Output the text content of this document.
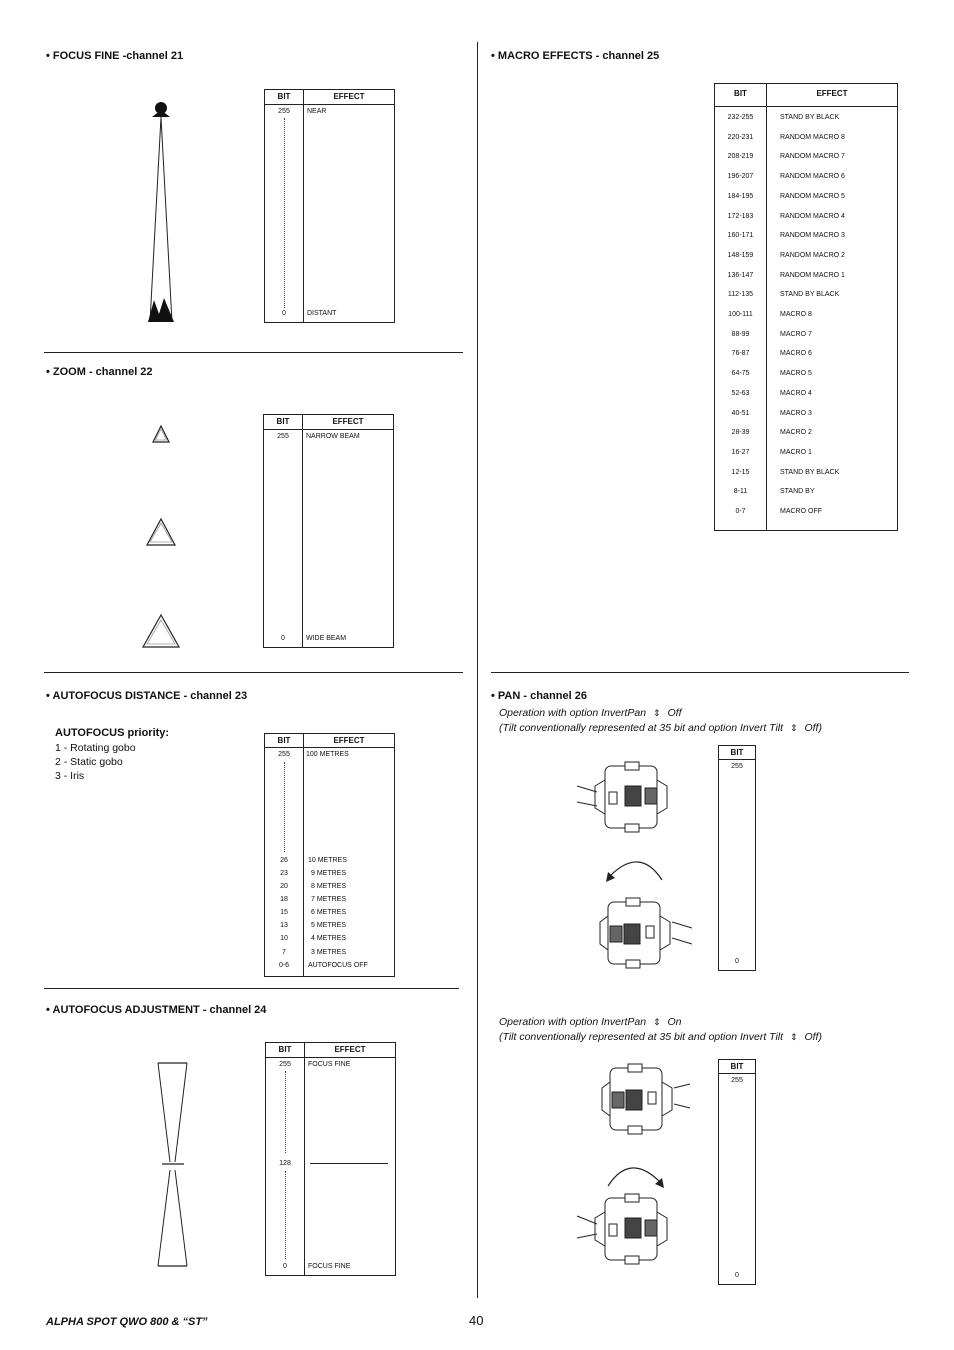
• FOCUS FINE -channel 21
BIT	EFFECT
255	NEAR
0	DISTANT
• ZOOM - channel 22
BIT	EFFECT
255	NARROW BEAM
0	WIDE BEAM
• AUTOFOCUS DISTANCE - channel 23
AUTOFOCUS priority:
1 - Rotating gobo
2 - Static gobo
3 - Iris
BIT	EFFECT
255	100 METRES
26	10 METRES
23	9 METRES
20	8 METRES
18	7 METRES
15	6 METRES
13	5 METRES
10	4 METRES
7	3 METRES
0-6	AUTOFOCUS OFF
• AUTOFOCUS ADJUSTMENT - channel 24
BIT	EFFECT
255	FOCUS FINE
128
0	FOCUS FINE
• MACRO EFFECTS - channel 25
BIT	EFFECT
232-255	STAND BY BLACK
220-231	RANDOM MACRO 8
208-219	RANDOM MACRO 7
196-207	RANDOM MACRO 6
184-195	RANDOM MACRO 5
172-183	RANDOM MACRO 4
160-171	RANDOM MACRO 3
148-159	RANDOM MACRO 2
136-147	RANDOM MACRO 1
112-135	STAND BY BLACK
100-111	MACRO 8
88-99	MACRO 7
76-87	MACRO 6
64-75	MACRO 5
52-63	MACRO 4
40-51	MACRO 3
28-39	MACRO 2
16-27	MACRO 1
12-15	STAND BY BLACK
8-11	STAND BY
0-7	MACRO OFF
• PAN - channel 26
Operation with option InvertPan ⇕ Off
(Tilt conventionally represented at 35 bit and option Invert Tilt ⇕ Off)
BIT
255
0
Operation with option InvertPan ⇕ On
(Tilt conventionally represented at 35 bit and option Invert Tilt ⇕ Off)
BIT
255
0
ALPHA SPOT QWO 800 & “ST”	40
